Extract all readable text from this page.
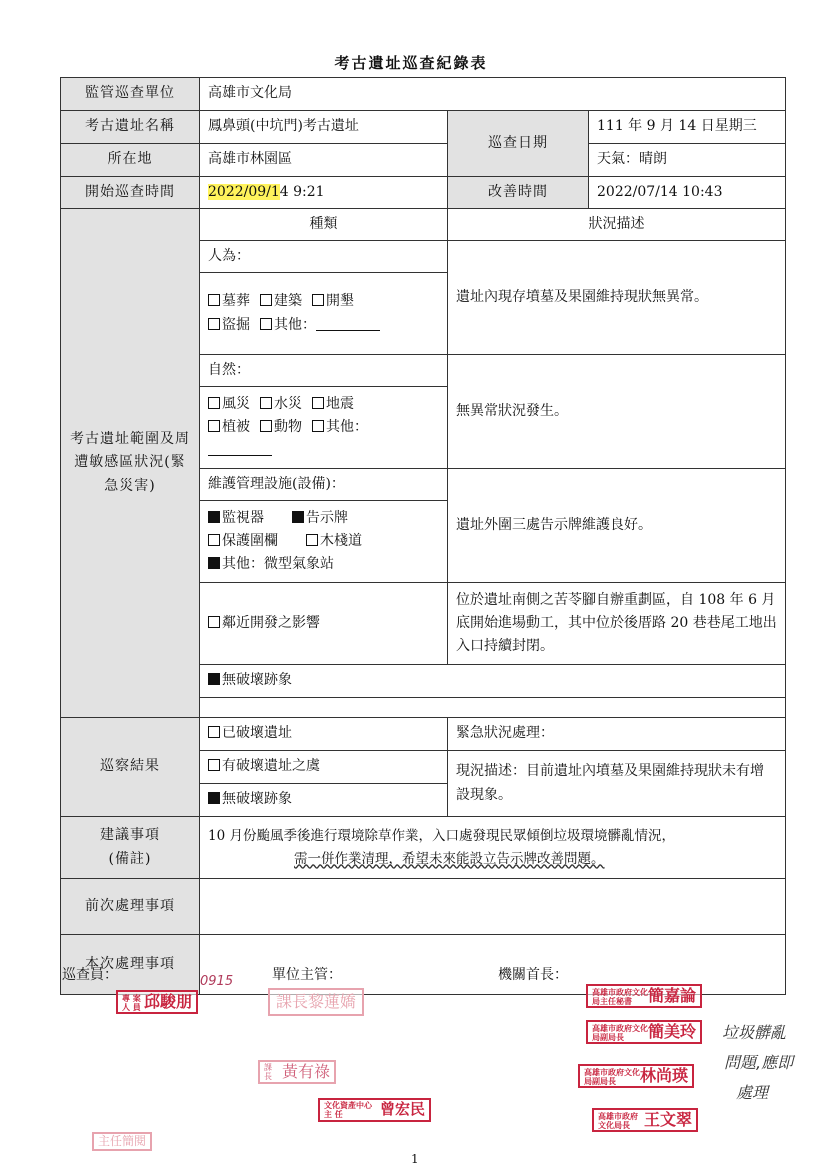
考古遺址巡查紀錄表
監管巡查單位	高雄市文化局		
考古遺址名稱	鳳鼻頭(中坑門)考古遺址	巡查日期	111 年 9 月 14 日星期三
所在地	高雄市林園區		天氣：晴朗
開始巡查時間	2022/09/14 9:21	改善時間	2022/07/14 10:43
考古遺址範圍及周遭敏感區狀況(緊急災害)	種類	狀況描述	
	人為：	遺址內現存墳墓及果園維持現狀無異常。	
	墓葬 建築 開墾
盜掘 其他：		
	自然：	無異常狀況發生。	
	風災 水災 地震
植被 動物 其他：		

	維護管理設施(設備)：	遺址外圍三處告示牌維護良好。	
	監視器 告示牌
保護圍欄 木棧道
其他：微型氣象站		
	鄰近開發之影響	位於遺址南側之苦苓腳自辦重劃區，自 108 年 6 月底開始進場動工，其中位於後厝路 20 巷巷尾工地出入口持續封閉。	
	無破壞跡象		

巡察結果	已破壞遺址	緊急狀況處理：	
	有破壞遺址之虞	現況描述：目前遺址內墳墓及果園維持現狀未有增設現象。	
	無破壞跡象		
建議事項
(備註)	10 月份颱風季後進行環境除草作業，入口處發現民眾傾倒垃圾環境髒亂情況，
需一併作業清理，希望未來能設立告示牌改善問題。		
前次處理事項			
本次處理事項			
巡查員：	單位主管：	機關首長：
專 案 人 員 邱駿朋
0915
課長黎蓮嬌
高雄市政府文化局主任秘書 簡嘉論
高雄市政府文化局副局長 簡美玲	垃圾髒亂
問題,應即
處理
課 長 黃有祿	高雄市政府文化局副局長 林尚瑛
文化資產中心 主 任 曾宏民	高雄市政府文化局長 王文翠
主任簡閱
1
